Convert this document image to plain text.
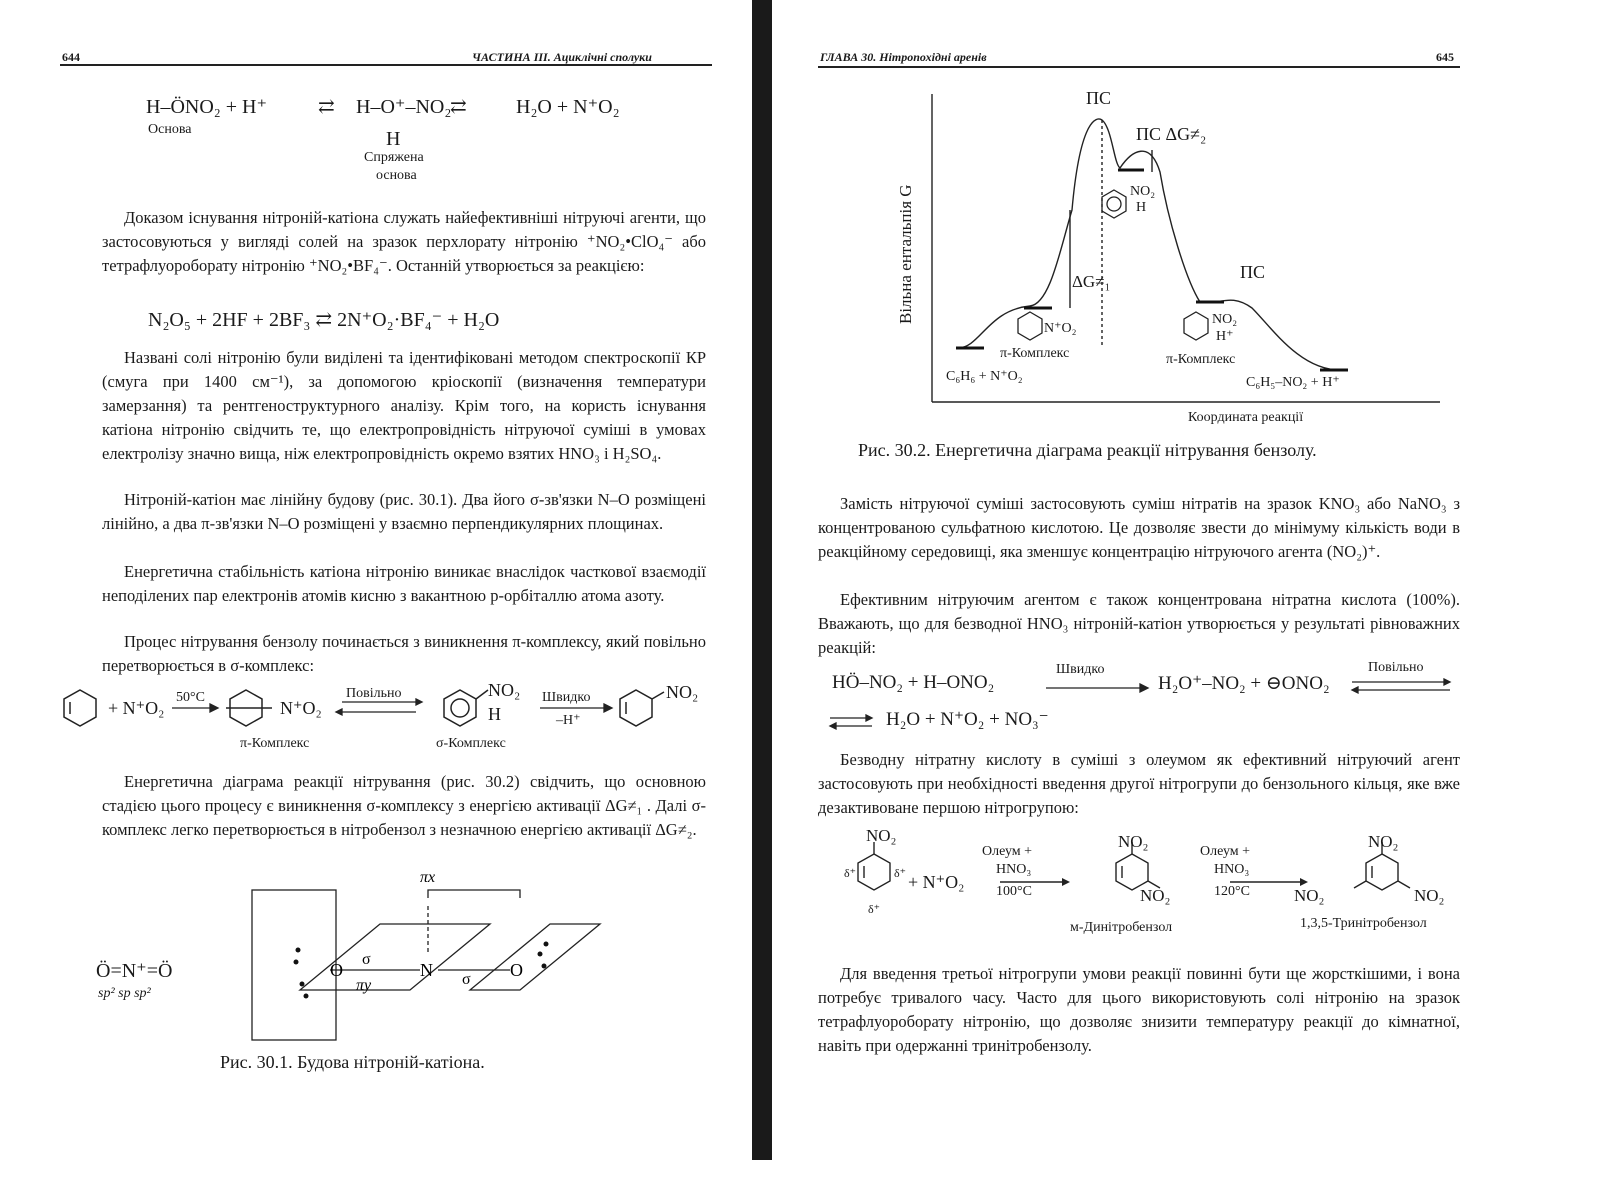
644	ЧАСТИНА III. Ациклічні сполуки
H–ÖNO₂ + H⁺	⇄ H–O⁺–NO₂
⇄ H₂O + N⁺O₂
H
Основа
Спряжена
основа

Доказом існування нітроній-катіона служать найефективніші нітруючі агенти, що застосовуються у вигляді солей на зразок перхлорату нітронію ⁺NO₂•ClO₄⁻ або тетрафлуороборату нітронію ⁺NO₂•BF₄⁻. Останній утворюється за реакцією:

N₂O₅ + 2HF + 2BF₃ ⇄ 2N⁺O₂·BF₄⁻ + H₂O

Названі солі нітронію були виділені та ідентифіковані методом спектроскопії КР (смуга при 1400 см⁻¹), за допомогою кріоскопії (визначення температури замерзання) та рентгеноструктурного аналізу. Крім того, на користь існування катіона нітронію свідчить те, що електропровідність нітруючої суміші в умовах електролізу значно вища, ніж електропровідність окремо взятих HNO₃ і H₂SO₄.

Нітроній-катіон має лінійну будову (рис. 30.1). Два його σ-зв'язки N–O розміщені лінійно, а два π-зв'язки N–O розміщені у взаємно перпендикулярних площинах.

Енергетична стабільність катіона нітронію виникає внаслідок часткової взаємодії неподілених пар електронів атомів кисню з вакантною p-орбіталлю атома азоту.

Процес нітрування бензолу починається з виникнення π-комплексу, який повільно перетворюється в σ-комплекс:

+ N⁺O₂
50°C
N⁺O₂
π-Комплекс
Повільно	NO₂
H
σ-Комплекс
Швидко
–H⁺
NO₂

Енергетична діаграма реакції нітрування (рис. 30.2) свідчить, що основною стадією цього процесу є виникнення σ-комплексу з енергією активації ΔG≠₁ . Далі σ-комплекс легко перетворюється в нітробензол з незначною енергією активації ΔG≠₂.

Ö=N⁺=Ö
sp² sp sp²
πx
O	N	O
σ
σ
πy
Рис. 30.1. Будова нітроній-катіона.
ГЛАВА 30. Нітропохідні аренів	645
Вільна ентальпія G
ПС
ПС ΔG≠₂
ПС
ΔG≠₁
C₆H₆ + N⁺O₂
N⁺O₂
π-Комплекс
NO₂
H
NO₂
H⁺
π-Комплекс
C₆H₅–NO₂ + H⁺
Координата реакції
Рис. 30.2. Енергетична діаграма реакції нітрування бензолу.

Замість нітруючої суміші застосовують суміш нітратів на зразок KNO₃ або NaNO₃ з концентрованою сульфатною кислотою. Це дозволяє звести до мінімуму кількість води в реакційному середовищі, яка зменшує концентрацію нітруючого агента (NO₂)⁺.

Ефективним нітруючим агентом є також концентрована нітратна кислота (100%). Вважають, що для безводної HNO₃ нітроній-катіон утворюється у результаті рівноважних реакцій:

HÖ–NO₂ + H–ONO₂
Швидко
H₂O⁺–NO₂ + ⊖ONO₂
Повільно
⇌ H₂O + N⁺O₂ + NO₃⁻

Безводну нітратну кислоту в суміші з олеумом як ефективний нітруючий агент застосовують при необхідності введення другої нітрогрупи до бензольного кільця, яке вже дезактивоване першою нітрогрупою:

NO₂
δ⁺	δ⁺
δ⁺
+ N⁺O₂
Олеум +
HNO₃
100°C
NO₂
NO₂
м-Динітробензол
Олеум +
HNO₃
120°C
NO₂
NO₂	NO₂
1,3,5-Тринітробензол

Для введення третьої нітрогрупи умови реакції повинні бути ще жорсткішими, і вона потребує тривалого часу. Часто для цього використовують солі нітронію на зразок тетрафлуороборату нітронію, що дозволяє знизити температуру реакції до кімнатної, навіть при одержанні тринітробензолу.
